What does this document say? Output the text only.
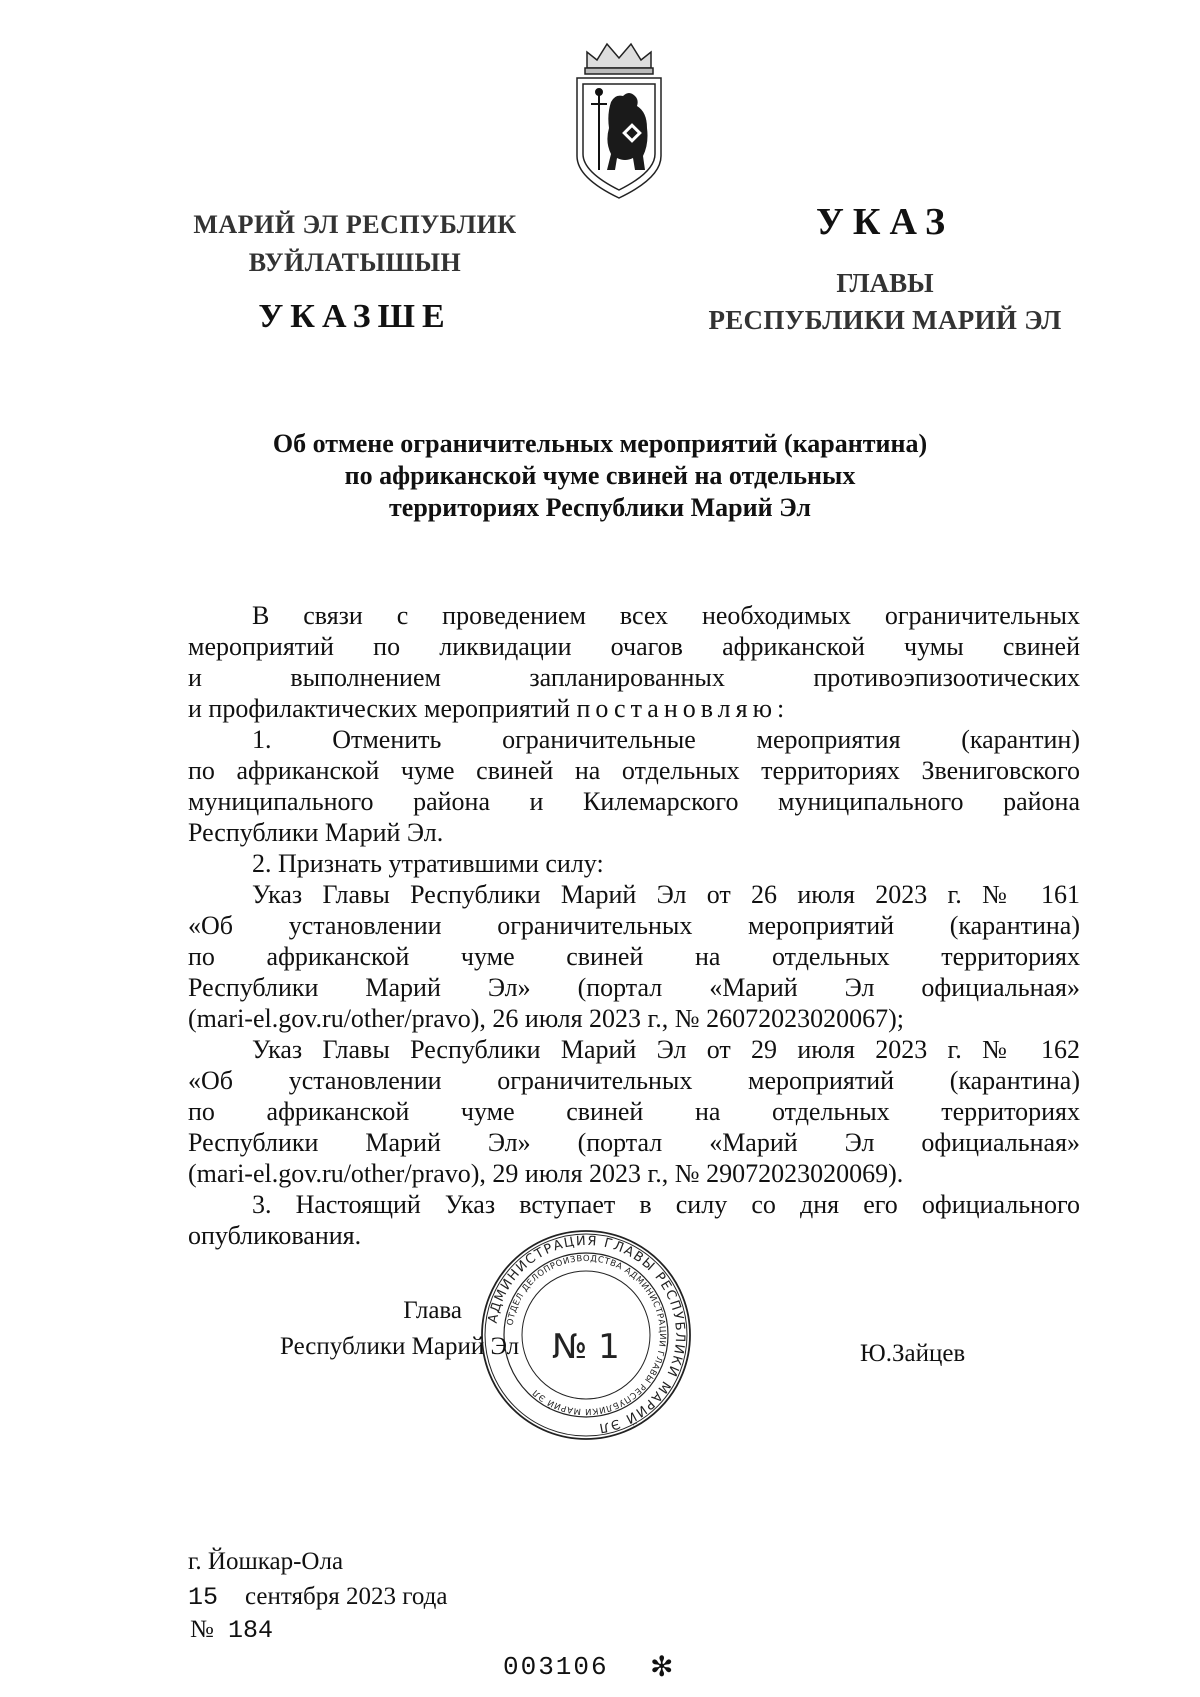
МАРИЙ ЭЛ РЕСПУБЛИК
ВУЙЛАТЫШЫН
УКАЗШЕ
УКАЗ
ГЛАВЫ
РЕСПУБЛИКИ МАРИЙ ЭЛ
Об отмене ограничительных мероприятий (карантина)
по африканской чуме свиней на отдельных
территориях Республики Марий Эл
В связи с проведением всех необходимых ограничительных
мероприятий по ликвидации очагов африканской чумы свиней
и выполнением запланированных противоэпизоотических
и профилактических мероприятий постановляю:
1. Отменить ограничительные мероприятия (карантин)
по африканской чуме свиней на отдельных территориях Звениговского
муниципального района и Килемарского муниципального района
Республики Марий Эл.
2. Признать утратившими силу:
Указ Главы Республики Марий Эл от 26 июля 2023 г. № 161
«Об установлении ограничительных мероприятий (карантина)
по африканской чуме свиней на отдельных территориях
Республики Марий Эл» (портал «Марий Эл официальная»
(mari-el.gov.ru/other/pravo), 26 июля 2023 г., № 26072023020067);
Указ Главы Республики Марий Эл от 29 июля 2023 г. № 162
«Об установлении ограничительных мероприятий (карантина)
по африканской чуме свиней на отдельных территориях
Республики Марий Эл» (портал «Марий Эл официальная»
(mari-el.gov.ru/other/pravo), 29 июля 2023 г., № 29072023020069).
3. Настоящий Указ вступает в силу со дня его официального
опубликования.
АДМИНИСТРАЦИЯ ГЛАВЫ РЕСПУБЛИКИ МАРИЙ ЭЛ
ОТДЕЛ ДЕЛОПРОИЗВОДСТВА АДМИНИСТРАЦИИ ГЛАВЫ РЕСПУБЛИКИ МАРИЙ ЭЛ
Глава
Республики Марий Эл № 1	Ю.Зайцев
г. Йошкар-Ола
15 сентября 2023 года
№ 184
003106 ✻
